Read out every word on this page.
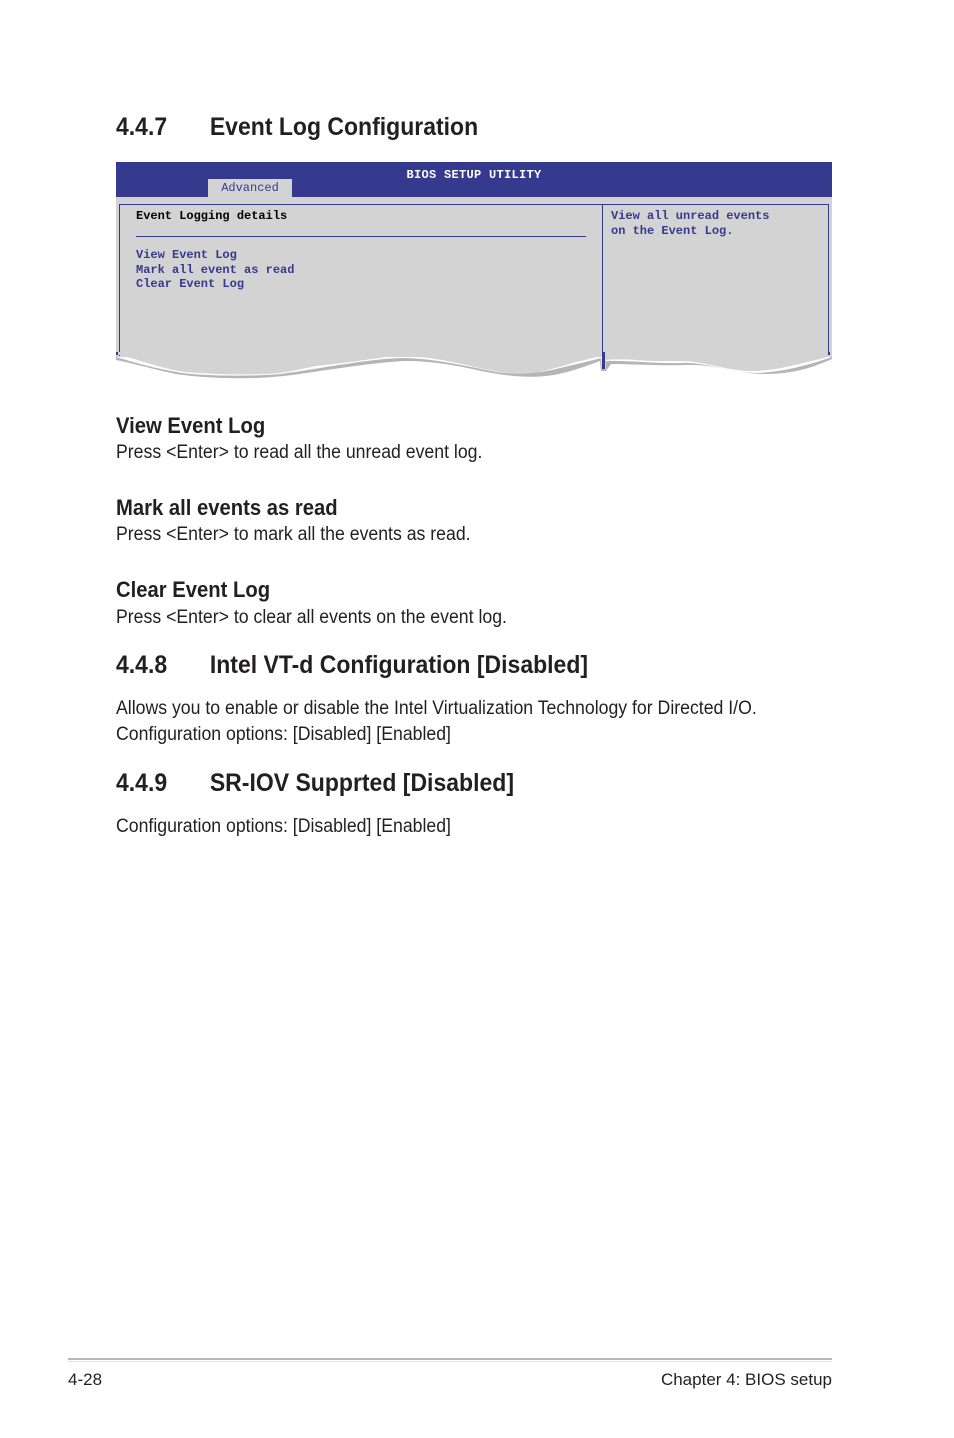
4.4.7 Event Log Configuration
BIOS SETUP UTILITY
Advanced
Event Logging details
View Event Log
Mark all event as read
Clear Event Log
View all unread events
on the Event Log.
View Event Log

Press <Enter> to read all the unread event log.

Mark all events as read

Press <Enter> to mark all the events as read.

Clear Event Log

Press <Enter> to clear all events on the event log.

4.4.8 Intel VT-d Configuration [Disabled]

Allows you to enable or disable the Intel Virtualization Technology for Directed I/O.

Configuration options: [Disabled] [Enabled]

4.4.9 SR-IOV Supprted [Disabled]

Configuration options: [Disabled] [Enabled]

4-28	Chapter 4: BIOS setup
